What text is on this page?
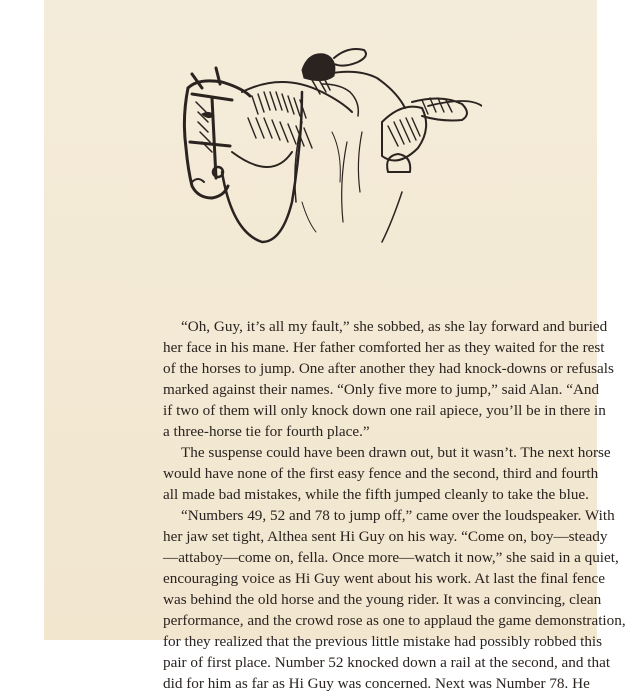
“Oh, Guy, it’s all my fault,” she sobbed, as she lay forward and buried
her face in his mane. Her father comforted her as they waited for the rest
of the horses to jump. One after another they had knock-downs or refusals
marked against their names. “Only five more to jump,” said Alan. “And
if two of them will only knock down one rail apiece, you’ll be in there in
a three-horse tie for fourth place.”
The suspense could have been drawn out, but it wasn’t. The next horse
would have none of the first easy fence and the second, third and fourth
all made bad mistakes, while the fifth jumped cleanly to take the blue.
“Numbers 49, 52 and 78 to jump off,” came over the loudspeaker. With
her jaw set tight, Althea sent Hi Guy on his way. “Come on, boy—steady
—attaboy—come on, fella. Once more—watch it now,” she said in a quiet,
encouraging voice as Hi Guy went about his work. At last the final fence
was behind the old horse and the young rider. It was a convincing, clean
performance, and the crowd rose as one to applaud the game demonstration,
for they realized that the previous little mistake had possibly robbed this
pair of first place. Number 52 knocked down a rail at the second, and that
did for him as far as Hi Guy was concerned. Next was Number 78. He
